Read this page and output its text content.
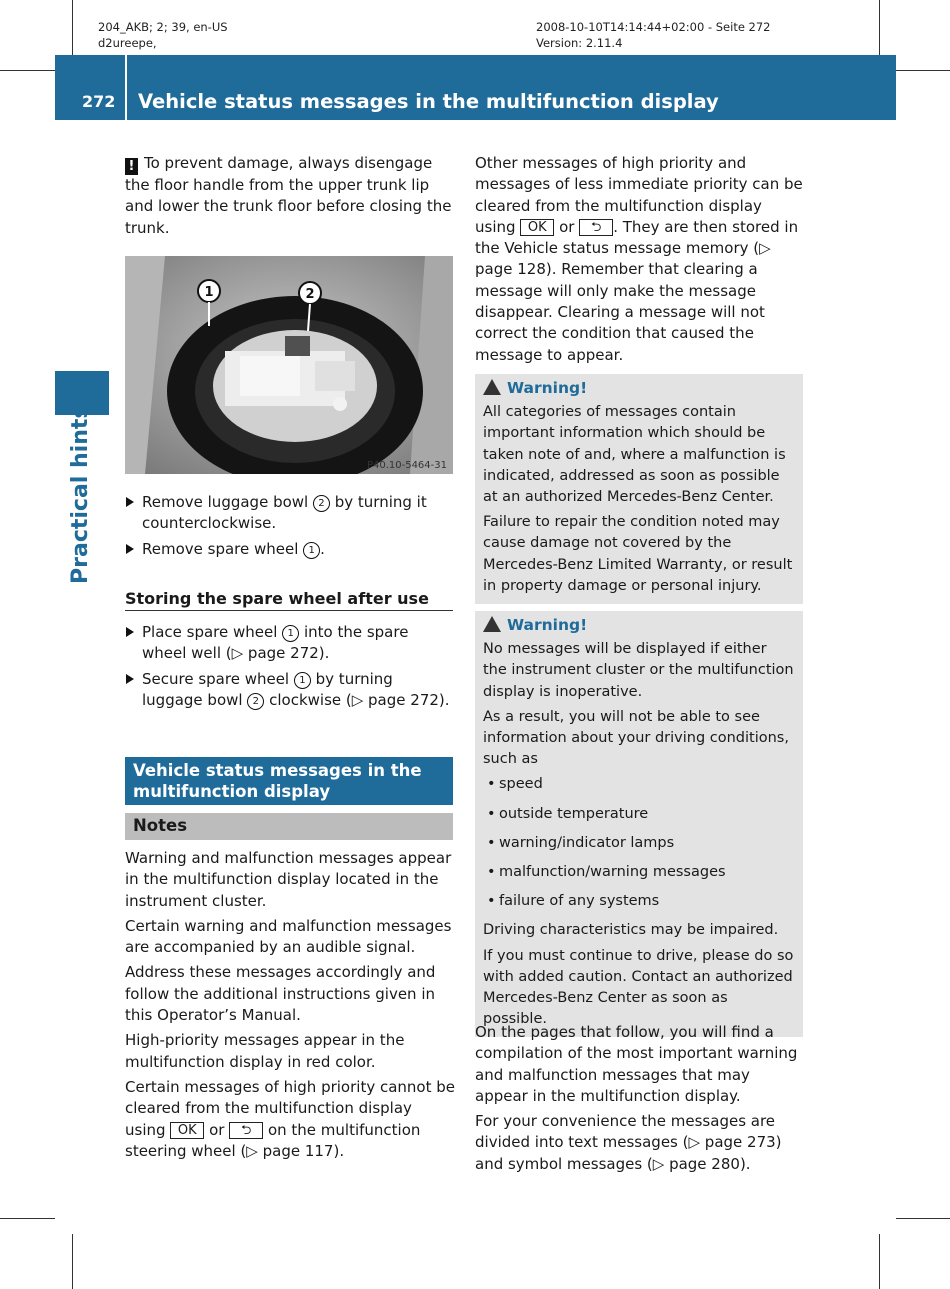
204_AKB; 2; 39, en-US
d2ureepe,
2008-10-10T14:14:44+02:00 - Seite 272
Version: 2.11.4
272 Vehicle status messages in the multifunction display
Practical hints
! To prevent damage, always disengage the floor handle from the upper trunk lip and lower the trunk floor before closing the trunk.
1	2
P40.10-5464-31
Remove luggage bowl 2 by turning it counterclockwise.
Remove spare wheel 1 .
Storing the spare wheel after use
Place spare wheel 1 into the spare wheel well (▷ page 272).
Secure spare wheel 1 by turning luggage bowl 2 clockwise (▷ page 272).
Vehicle status messages in the multifunction display
Notes

Warning and malfunction messages appear in the multifunction display located in the instrument cluster.

Certain warning and malfunction messages are accompanied by an audible signal.

Address these messages accordingly and follow the additional instructions given in this Operator’s Manual.

High-priority messages appear in the multifunction display in red color.

Certain messages of high priority cannot be cleared from the multifunction display using OK or ⮌ on the multifunction steering wheel (▷ page 117).

Other messages of high priority and messages of less immediate priority can be cleared from the multifunction display using OK or ⮌ . They are then stored in the Vehicle status message memory (▷ page 128). Remember that clearing a message will only make the message disappear. Clearing a message will not correct the condition that caused the message to appear.

Warning!

All categories of messages contain important information which should be taken note of and, where a malfunction is indicated, addressed as soon as possible at an authorized Mercedes-Benz Center.

Failure to repair the condition noted may cause damage not covered by the Mercedes-Benz Limited Warranty, or result in property damage or personal injury.

Warning!

No messages will be displayed if either the instrument cluster or the multifunction display is inoperative.

As a result, you will not be able to see information about your driving conditions, such as

• speed
• outside temperature
• warning/indicator lamps
• malfunction/warning messages
• failure of any systems

Driving characteristics may be impaired.

If you must continue to drive, please do so with added caution. Contact an authorized Mercedes-Benz Center as soon as possible.

On the pages that follow, you will find a compilation of the most important warning and malfunction messages that may appear in the multifunction display.

For your convenience the messages are divided into text messages (▷ page 273) and symbol messages (▷ page 280).
